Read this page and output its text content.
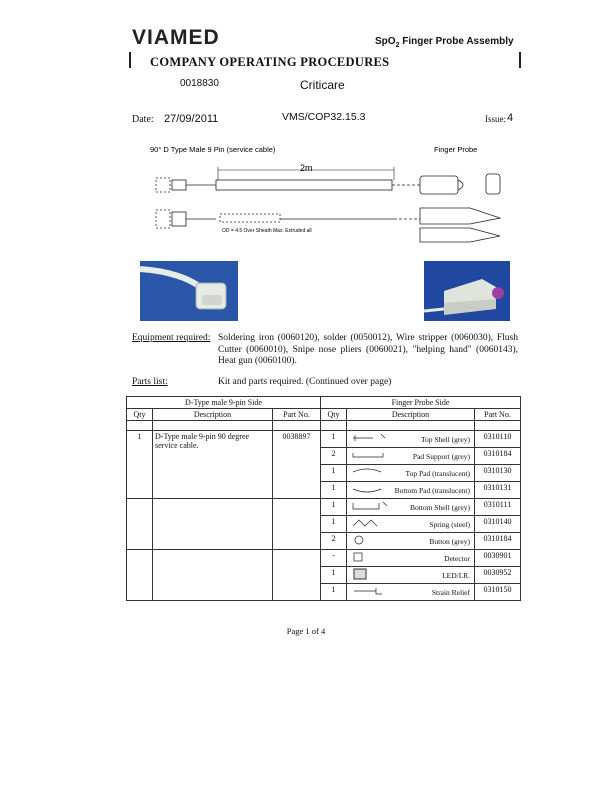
VIAMED	SpO$_2$ Finger Probe Assembly
COMPANY OPERATING PROCEDURES
0018830	Criticare
Date: 27/09/2011	VMS/COP32.15.3	Issue: 4
90° D Type Male 9 Pin (service cable)	Finger Probe
2m
OD = 4.5 Over Sheath Max. Extruded all
Equipment required: Soldering iron (0060120), solder (0050012), Wire stripper (0060030), Flush Cutter (0060010), Snipe nose pliers (0060021), "helping hand" (0060143), Heat gun (0060100).
Parts list:	Kit and parts required. (Continued over page)
D-Type male 9-pin Side			Finger Probe Side		
Qty	Description	Part No.	Qty	Description	Part No.

1	D-Type male 9-pin 90 degree service cable.	0038897	1	Top Shell (grey)	0310110
			2	Pad Support (grey)	0310184
			1	Top Pad (translucent)	0310130
			1	Bottom Pad (translucent)	0310131
			1	Bottom Shell (grey)	0310111
			1	Spring (steel)	0310140
			2	Button (grey)	0310184
			-	Detector	0030901
			1	LED/I.R.	0030952
			1	Strain Relief	0310150
Page 1 of 4
